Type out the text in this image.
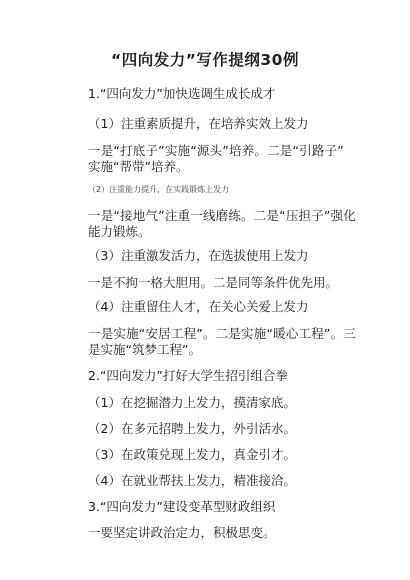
“四向发力”写作提纲30例
1.“四向发力”加快选调生成长成才
（1）注重素质提升，在培养实效上发力
一是“打底子”实施“源头”培养。二是“引路子”
实施“帮带”培养。
（2）注重能力提升，在实践锻炼上发力
一是“接地气”注重一线磨练。二是“压担子”强化
能力锻炼。
（3）注重激发活力，在选拔使用上发力
一是不拘一格大胆用。二是同等条件优先用。
（4）注重留住人才，在关心关爱上发力
一是实施“安居工程”。二是实施“暖心工程”。三
是实施“筑梦工程”。
2.“四向发力”打好大学生招引组合拳
（1）在挖掘潜力上发力，摸清家底。
（2）在多元招聘上发力，外引活水。
（3）在政策兑现上发力，真金引才。
（4）在就业帮扶上发力，精准接洽。
3.“四向发力”建设变革型财政组织
一要坚定讲政治定力，积极思变。
